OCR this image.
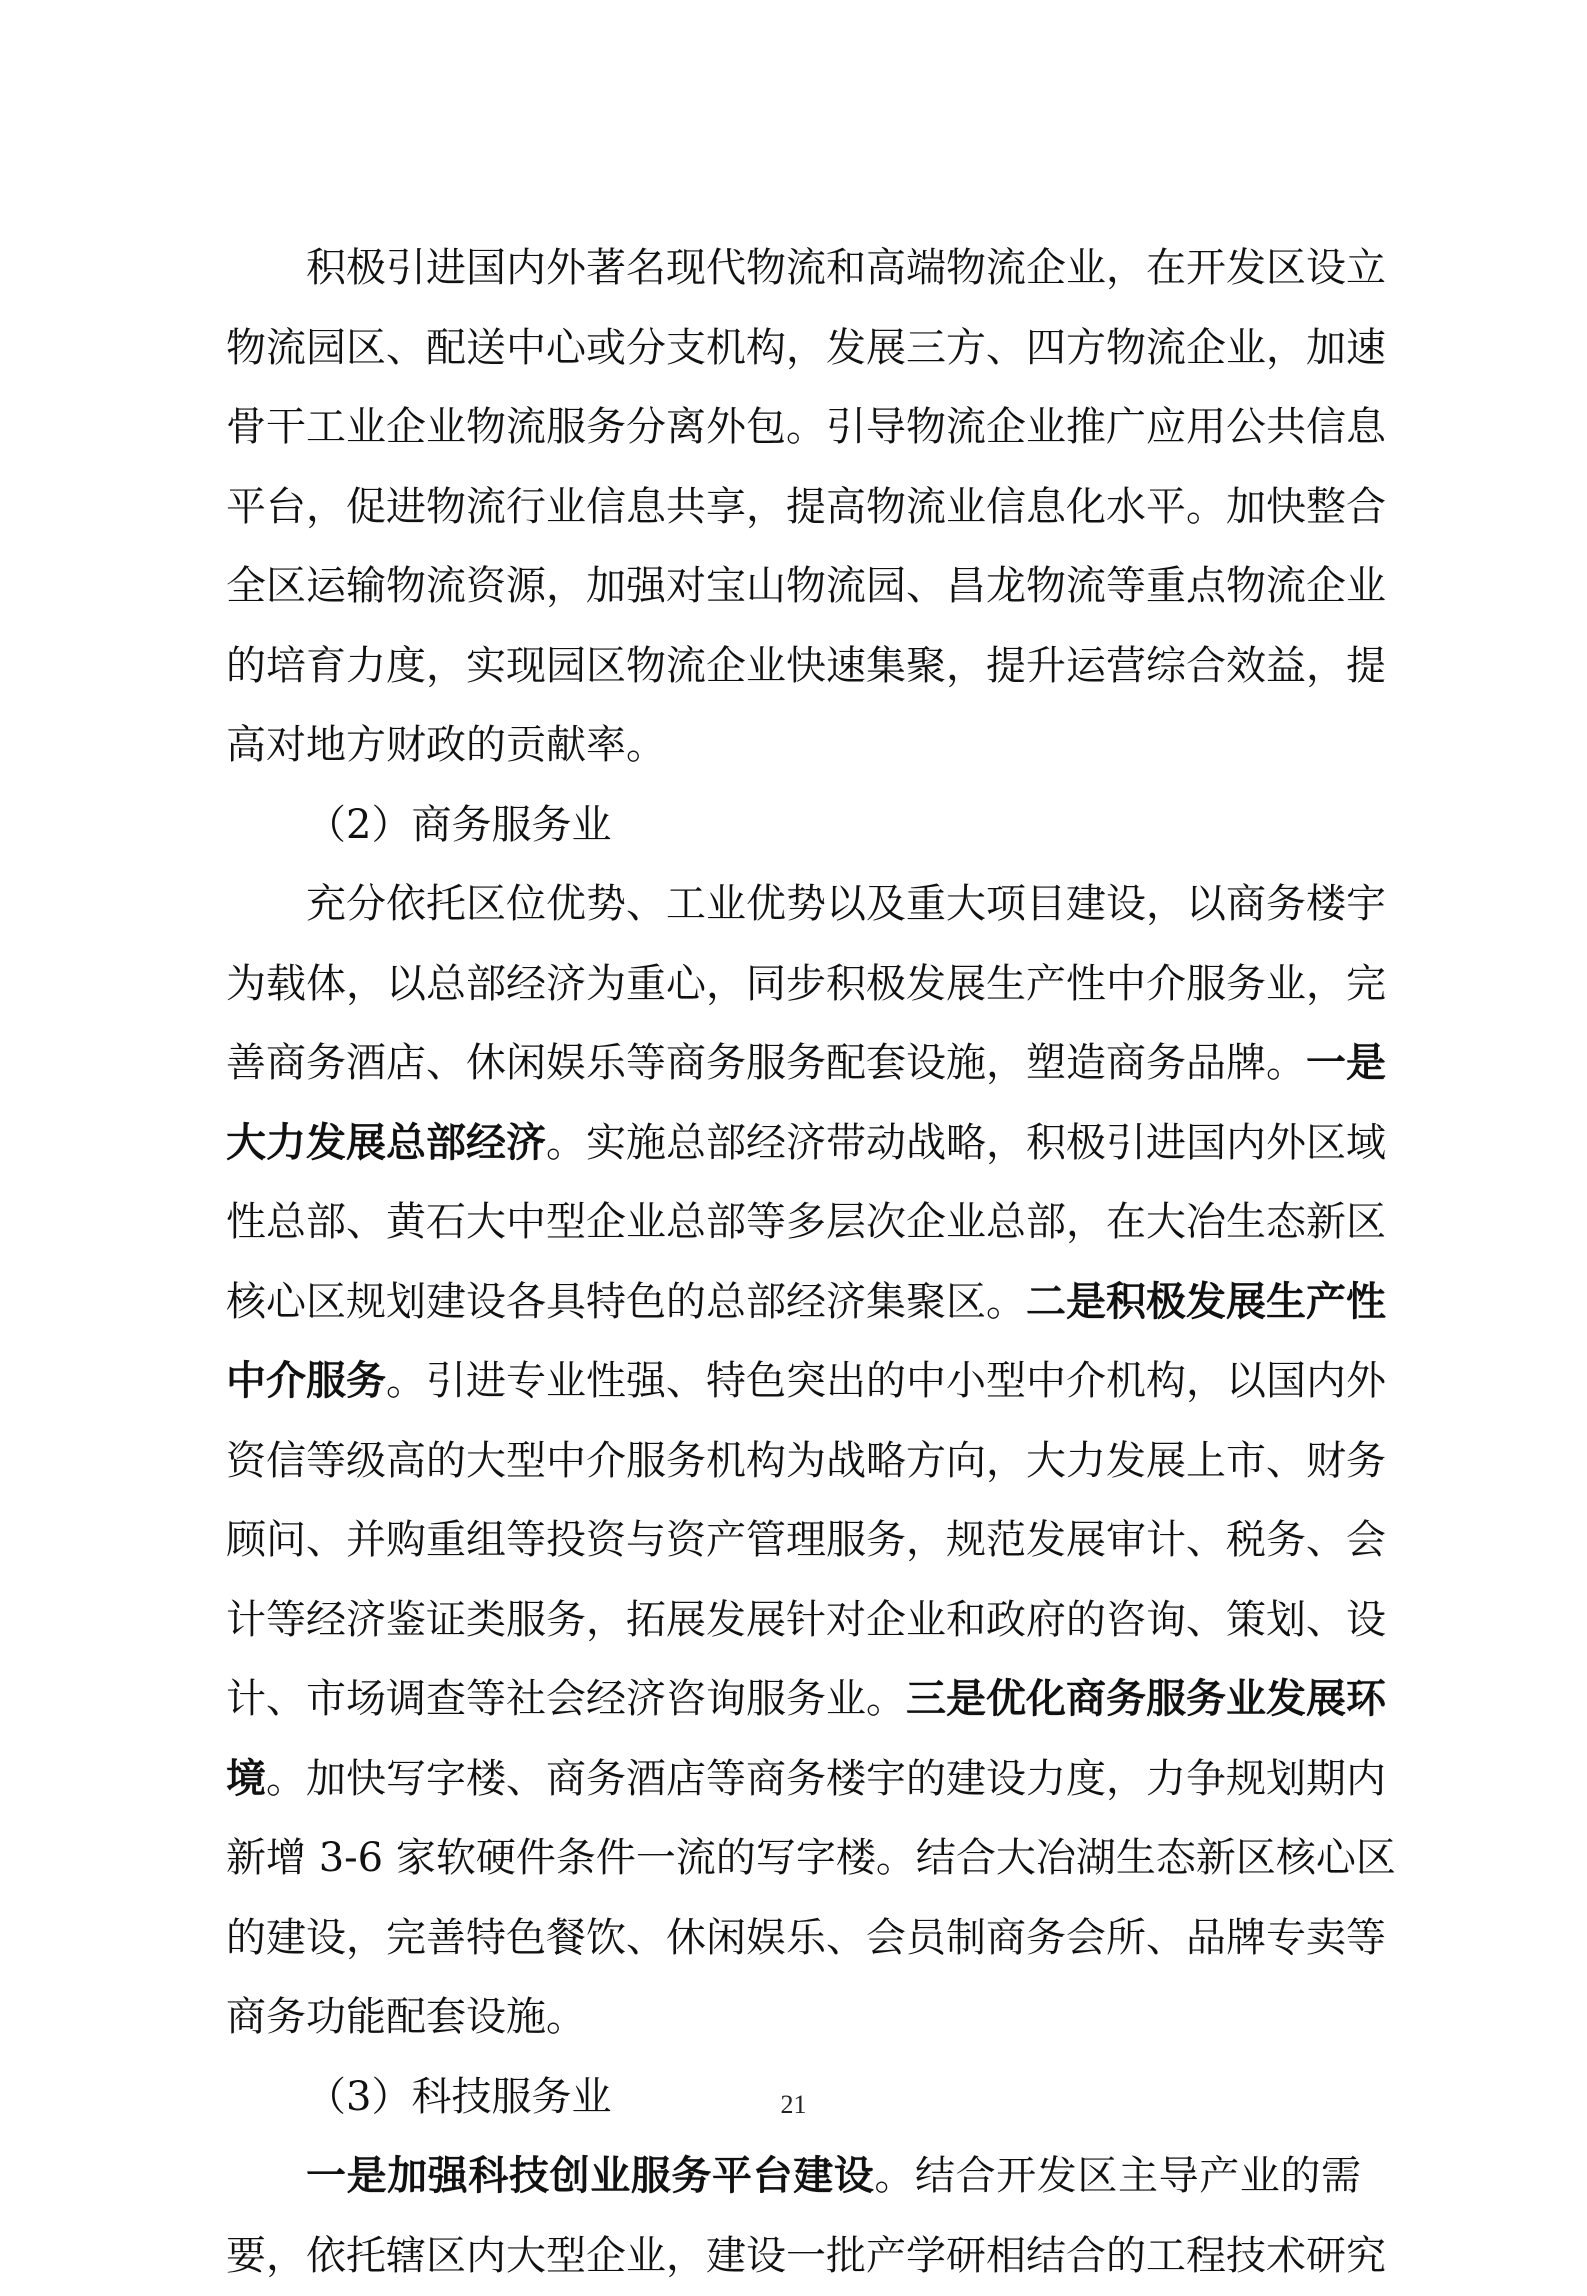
积极引进国内外著名现代物流和高端物流企业，在开发区设立
物流园区、配送中心或分支机构，发展三方、四方物流企业，加速
骨干工业企业物流服务分离外包。引导物流企业推广应用公共信息
平台，促进物流行业信息共享，提高物流业信息化水平。加快整合
全区运输物流资源，加强对宝山物流园、昌龙物流等重点物流企业
的培育力度，实现园区物流企业快速集聚，提升运营综合效益，提
高对地方财政的贡献率。
（2）商务服务业
充分依托区位优势、工业优势以及重大项目建设，以商务楼宇
为载体，以总部经济为重心，同步积极发展生产性中介服务业，完
善商务酒店、休闲娱乐等商务服务配套设施，塑造商务品牌。一是
大力发展总部经济。实施总部经济带动战略，积极引进国内外区域
性总部、黄石大中型企业总部等多层次企业总部，在大冶生态新区
核心区规划建设各具特色的总部经济集聚区。二是积极发展生产性
中介服务。引进专业性强、特色突出的中小型中介机构，以国内外
资信等级高的大型中介服务机构为战略方向，大力发展上市、财务
顾问、并购重组等投资与资产管理服务，规范发展审计、税务、会
计等经济鉴证类服务，拓展发展针对企业和政府的咨询、策划、设
计、市场调查等社会经济咨询服务业。三是优化商务服务业发展环
境。加快写字楼、商务酒店等商务楼宇的建设力度，力争规划期内
新增 3-6 家软硬件条件一流的写字楼。结合大冶湖生态新区核心区
的建设，完善特色餐饮、休闲娱乐、会员制商务会所、品牌专卖等
商务功能配套设施。
（3）科技服务业
一是加强科技创业服务平台建设。结合开发区主导产业的需
要，依托辖区内大型企业，建设一批产学研相结合的工程技术研究
21
